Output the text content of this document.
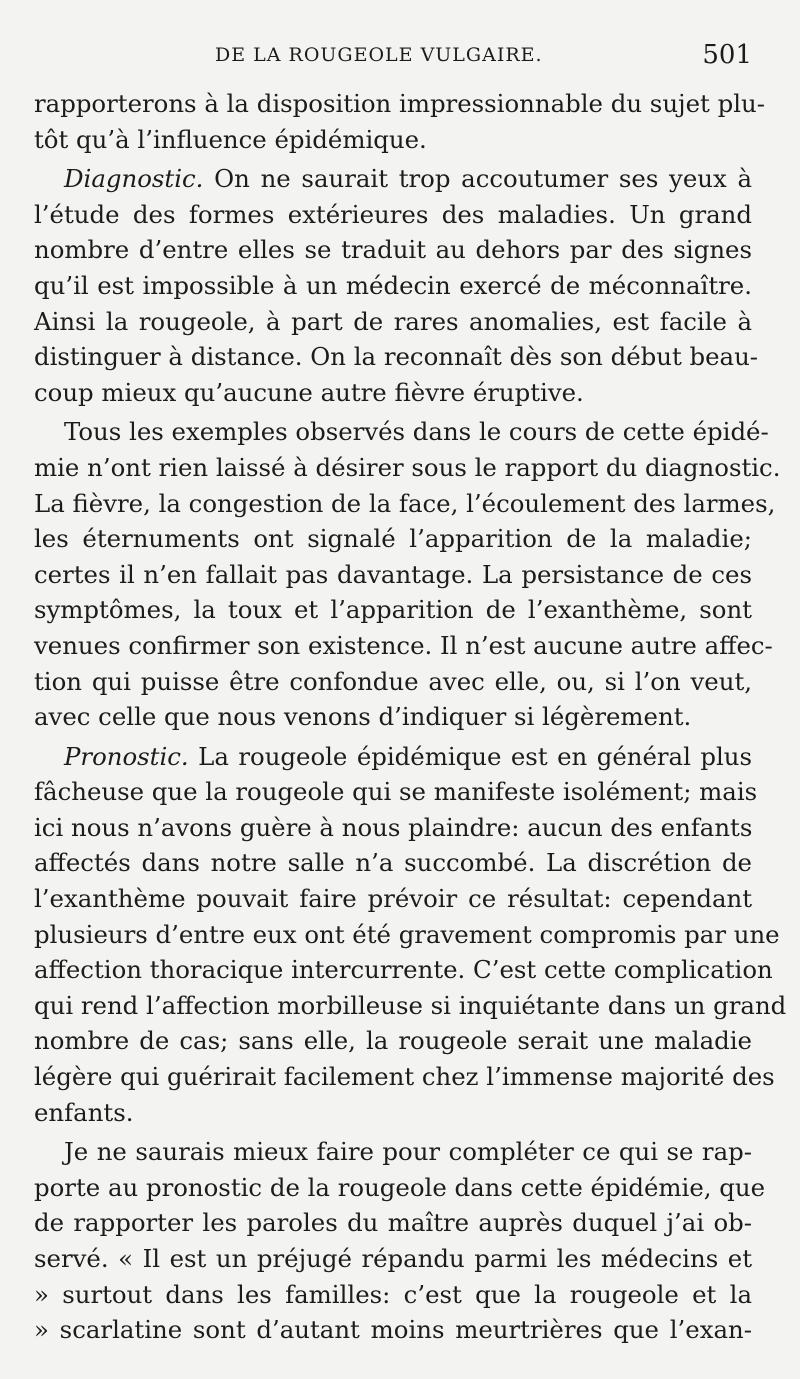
DE LA ROUGEOLE VULGAIRE.	501
rapporterons à la disposition impressionnable du sujet plu-
tôt qu’à l’influence épidémique.
Diagnostic. On ne saurait trop accoutumer ses yeux à
l’étude des formes extérieures des maladies. Un grand
nombre d’entre elles se traduit au dehors par des signes
qu’il est impossible à un médecin exercé de méconnaître.
Ainsi la rougeole, à part de rares anomalies, est facile à
distinguer à distance. On la reconnaît dès son début beau-
coup mieux qu’aucune autre fièvre éruptive.
Tous les exemples observés dans le cours de cette épidé-
mie n’ont rien laissé à désirer sous le rapport du diagnostic.
La fièvre, la congestion de la face, l’écoulement des larmes,
les éternuments ont signalé l’apparition de la maladie;
certes il n’en fallait pas davantage. La persistance de ces
symptômes, la toux et l’apparition de l’exanthème, sont
venues confirmer son existence. Il n’est aucune autre affec-
tion qui puisse être confondue avec elle, ou, si l’on veut,
avec celle que nous venons d’indiquer si légèrement.
Pronostic. La rougeole épidémique est en général plus
fâcheuse que la rougeole qui se manifeste isolément; mais
ici nous n’avons guère à nous plaindre: aucun des enfants
affectés dans notre salle n’a succombé. La discrétion de
l’exanthème pouvait faire prévoir ce résultat: cependant
plusieurs d’entre eux ont été gravement compromis par une
affection thoracique intercurrente. C’est cette complication
qui rend l’affection morbilleuse si inquiétante dans un grand
nombre de cas; sans elle, la rougeole serait une maladie
légère qui guérirait facilement chez l’immense majorité des
enfants.
Je ne saurais mieux faire pour compléter ce qui se rap-
porte au pronostic de la rougeole dans cette épidémie, que
de rapporter les paroles du maître auprès duquel j’ai ob-
servé. « Il est un préjugé répandu parmi les médecins et
» surtout dans les familles: c’est que la rougeole et la
» scarlatine sont d’autant moins meurtrières que l’exan-
